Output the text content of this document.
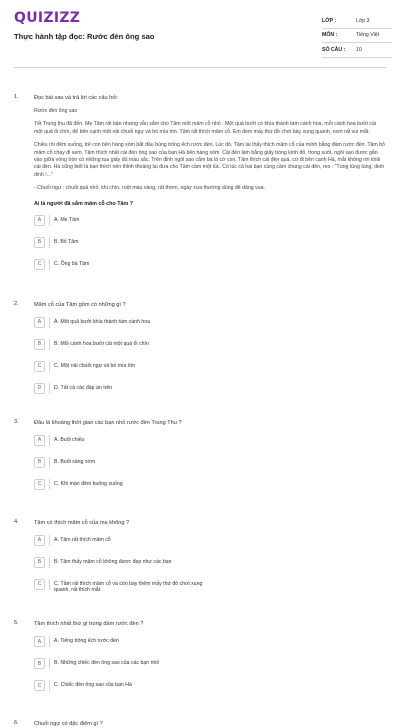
QUIZIZZ
Thực hành tập đọc: Rước đèn ông sao
LỚP :	Lớp 3
MÔN :	Tiếng Việt
SỐ CÂU :	10
1.	Đọc bài sau và trả lời các câu hỏi:
Rước đèn ông sao
Tết Trung thu đã đến. Mẹ Tâm rất bận nhưng vẫn sắm cho Tâm một mâm cỗ nhỏ : Một quả bưởi có khía thành tám cánh hoa, mỗi cánh hoa bưởi cài một quả ổi chín, để bên cạnh một nải chuối ngự và bó mía tím. Tâm rất thích mâm cỗ. Em đem mấy thứ đồ chơi bày xung quanh, nom rất vui mắt.
Chiều rồi đêm xuống, trẻ con bên hàng xóm bắt đầu bùng trống ếch rước đèn. Lúc đó, Tâm lại thấy thích mâm cỗ của mình bằng đám rước đèn. Tâm bỏ mâm cỗ chạy đi xem. Tâm thích nhất cái đèn ông sao của bạn Hà bên hàng xóm. Cái đèn làm bằng giấy bóng kính đỏ, trong suốt, ngôi sao được gắn vào giữa vòng tròn có những tua giấy đủ màu sắc. Trên đỉnh ngôi sao cắm ba lá cờ con. Tâm thích cái đèn quá, cứ đi bên cạnh Hà, mắt không rời khỏi cái đèn. Hà cũng biết là bạn thích nên thỉnh thoảng lại đưa cho Tâm cầm một lúc. Có lúc cả hai bạn cùng cầm chung cái đèn, reo : "Tùng tùng tùng, dinh dinh !..."
- Chuối ngự : chuối quả nhỏ, khi chín, ruột màu vàng, rất thơm, ngày xưa thường dùng để dâng vua.
Ai là người đã sắm mâm cỗ cho Tâm ?
A	A. Mẹ Tâm
B	B. Bố Tâm
C	C. Ông bà Tâm
2.	Mâm cỗ của Tâm gồm có những gì ?
A	A. Một quả bưởi khía thành tám cánh hoa
B	B. Mỗi cánh hoa bưởi cài một quả ổi chín
C	C. Một nải chuối ngự và bó mía tím
D	D. Tất cả các đáp án trên
3.	Đâu là khoảng thời gian các bạn nhỏ rước đèn Trung Thu ?
A	A. Buổi chiều
B	B. Buổi sáng sớm
C	C. Khi màn đêm buông xuống
4.	Tâm có thích mâm cỗ của mẹ không ?
A	A. Tâm rất thích mâm cỗ
B	B. Tâm thấy mâm cỗ không được đẹp như các bạn
C	C. Tâm rất thích mâm cỗ và còn bày thêm mấy thứ đồ chơi xung quanh, rất thích mắt
5.	Tâm thích nhất thứ gì trong đám rước đèn ?
A	A. Tiếng trống ếch rước đèn
B	B. Những chiếc đèn ông sao của các bạn nhỏ
C	C. Chiếc đèn ông sao của bạn Hà
6.	Chuối ngự có đặc điểm gì ?
